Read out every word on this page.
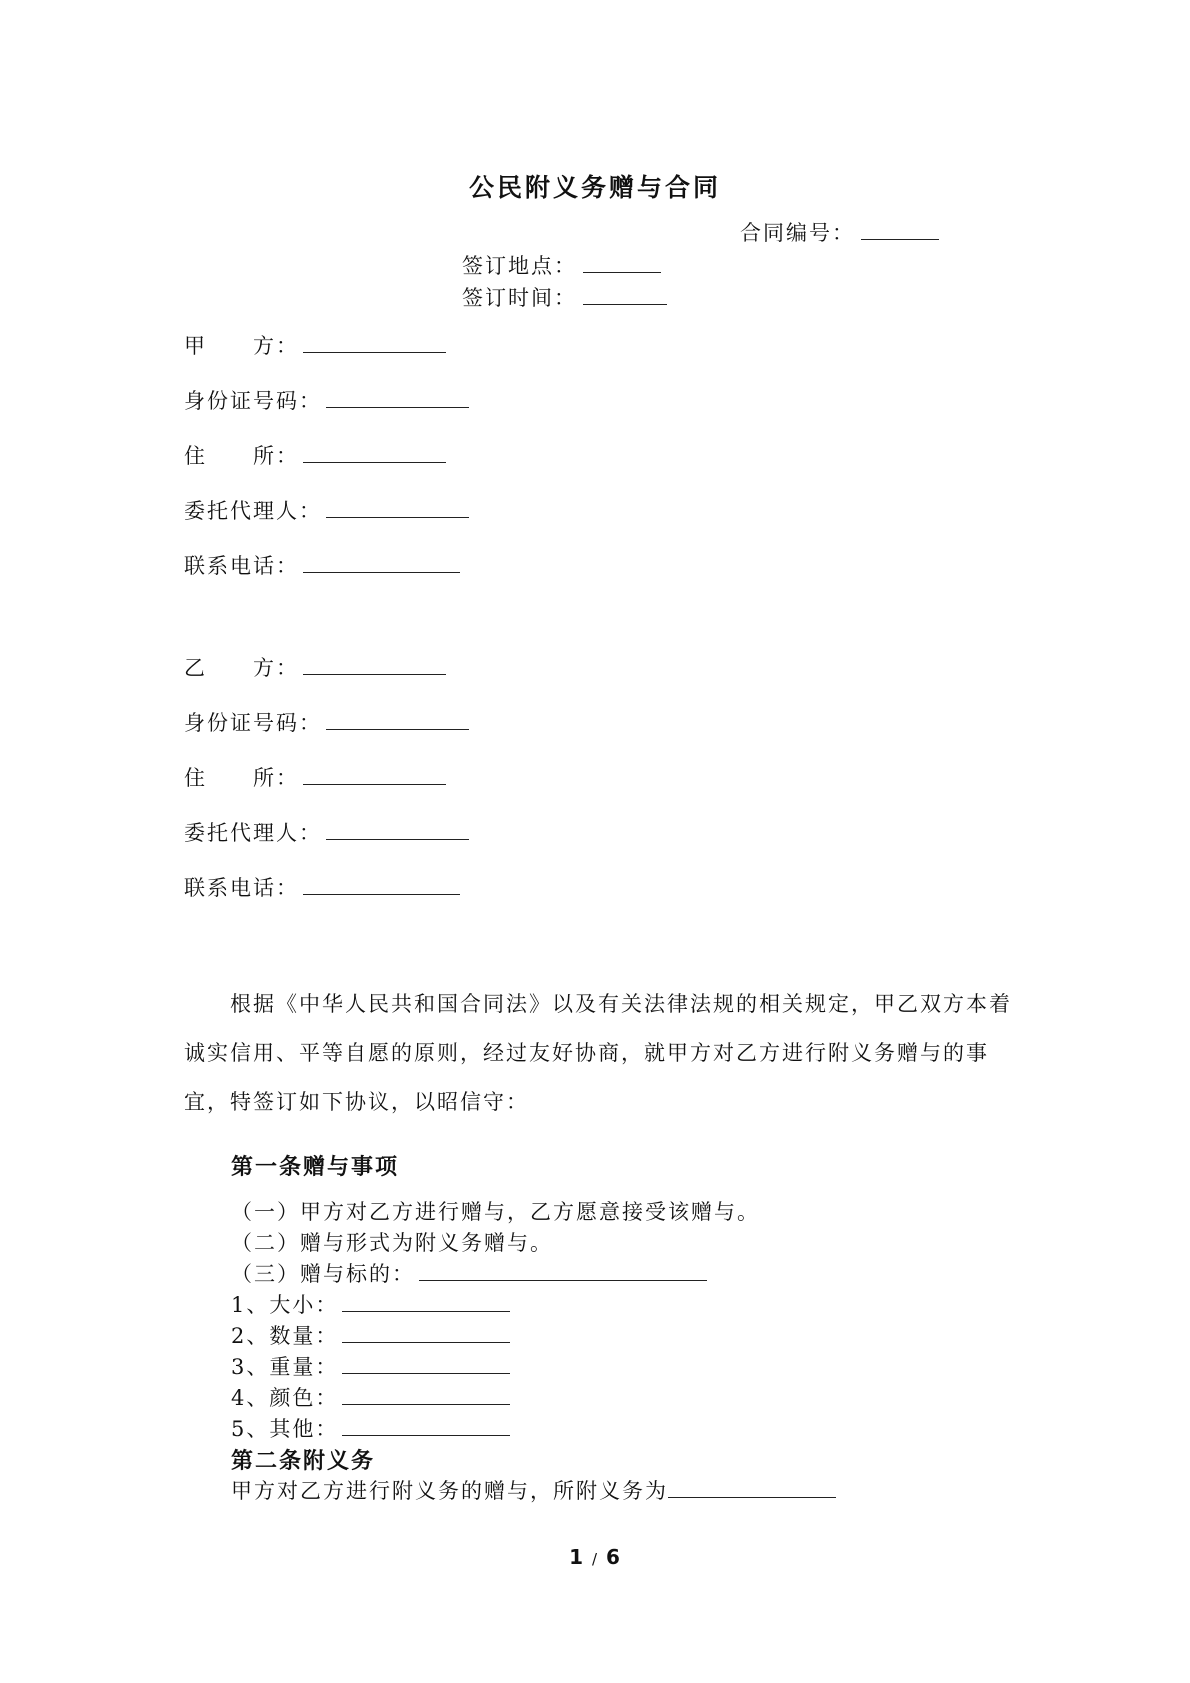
公民附义务赠与合同
合同编号：
签订地点：
签订时间：
甲　　方：
身份证号码：
住　　所：
委托代理人：
联系电话：
乙　　方：
身份证号码：
住　　所：
委托代理人：
联系电话：
根据《中华人民共和国合同法》以及有关法律法规的相关规定，甲乙双方本着诚实信用、平等自愿的原则，经过友好协商，就甲方对乙方进行附义务赠与的事宜，特签订如下协议，以昭信守：
第一条赠与事项
（一）甲方对乙方进行赠与，乙方愿意接受该赠与。
（二）赠与形式为附义务赠与。
（三）赠与标的：
1、大小：
2、数量：
3、重量：
4、颜色：
5、其他：
第二条附义务
甲方对乙方进行附义务的赠与，所附义务为
1 / 6
